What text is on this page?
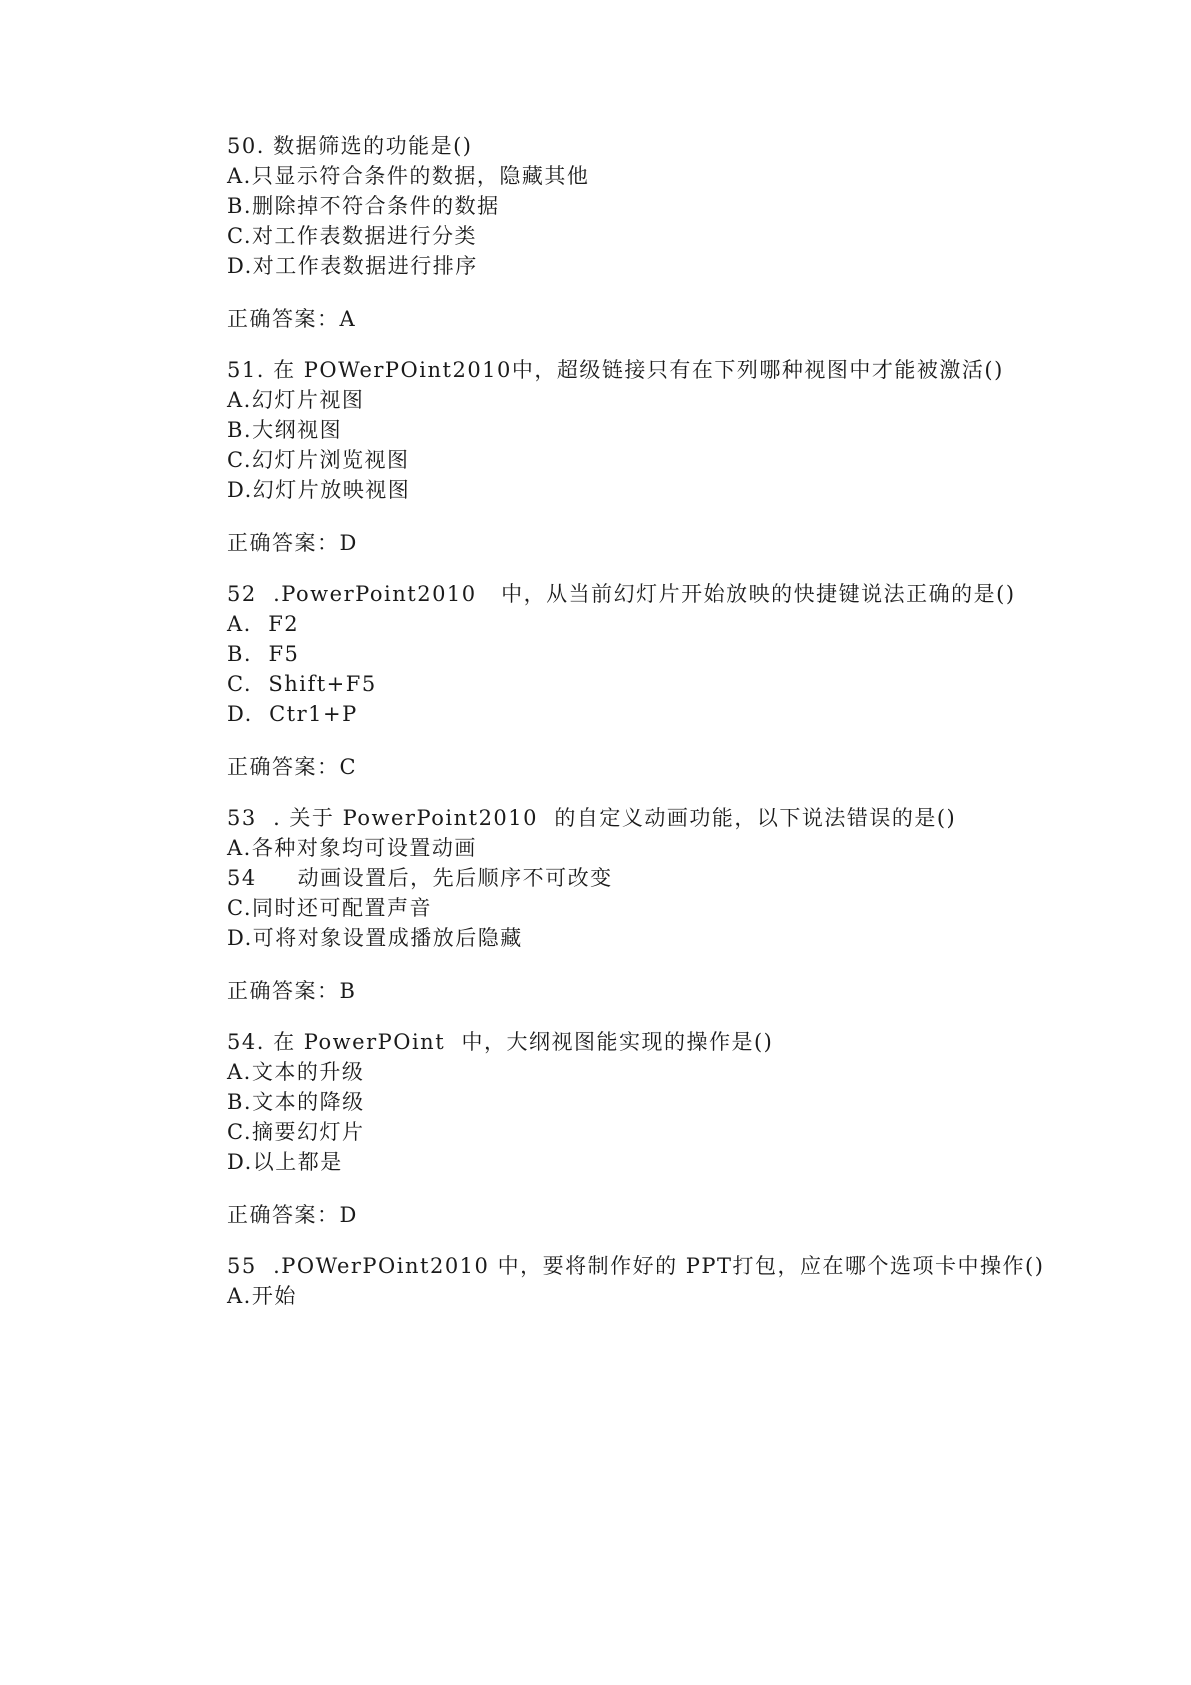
50. 数据筛选的功能是()
A.只显示符合条件的数据，隐藏其他
B.删除掉不符合条件的数据
C.对工作表数据进行分类
D.对工作表数据进行排序
正确答案：A
51. 在 POWerPOint2010中，超级链接只有在下列哪种视图中才能被激活()
A.幻灯片视图
B.大纲视图
C.幻灯片浏览视图
D.幻灯片放映视图
正确答案：D
52  .PowerPoint2010   中，从当前幻灯片开始放映的快捷键说法正确的是()
A.  F2
B.  F5
C.  Shift+F5
D.  Ctr1+P
正确答案：C
53  . 关于 PowerPoint2010  的自定义动画功能，以下说法错误的是()
A.各种对象均可设置动画
54     动画设置后，先后顺序不可改变
C.同时还可配置声音
D.可将对象设置成播放后隐藏
正确答案：B
54. 在 PowerPOint  中，大纲视图能实现的操作是()
A.文本的升级
B.文本的降级
C.摘要幻灯片
D.以上都是
正确答案：D
55  .POWerPOint2010 中，要将制作好的 PPT打包，应在哪个选项卡中操作()
A.开始
